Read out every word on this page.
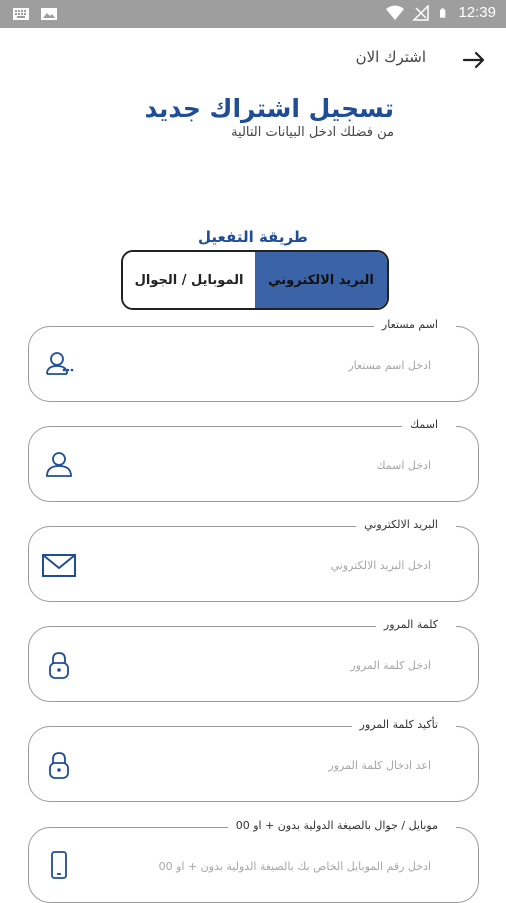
12:39
اشترك الان
تسجيل اشتراك جديد
من فضلك ادخل البيانات التالية
طريقة التفعيل
الموبايل / الجوال	البريد الالكتروني
اسم مستعار
ادخل اسم مستعار
اسمك
ادخل اسمك
البريد الالكتروني
ادخل البريد الالكتروني
كلمة المرور
تأكيد كلمة المرور
موبايل / جوال بالصيغة الدولية بدون + او 00
ادخل رقم الموبايل الخاص بك بالصيغة الدولية بدون + او 00
